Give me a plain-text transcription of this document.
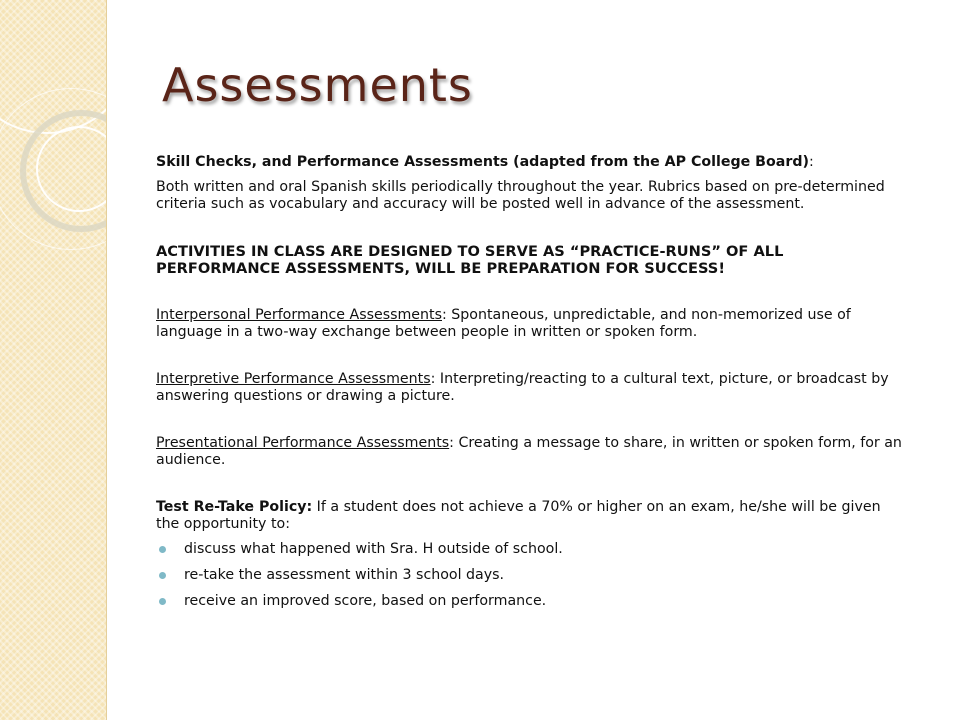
Assessments

Skill Checks, and Performance Assessments (adapted from the AP College Board):

Both written and oral Spanish skills periodically throughout the year. Rubrics based on pre-determined criteria such as vocabulary and accuracy will be posted well in advance of the assessment.

ACTIVITIES IN CLASS ARE DESIGNED TO SERVE AS “PRACTICE-RUNS” OF ALL PERFORMANCE ASSESSMENTS, WILL BE PREPARATION FOR SUCCESS!

Interpersonal Performance Assessments: Spontaneous, unpredictable, and non-memorized use of language in a two-way exchange between people in written or spoken form.

Interpretive Performance Assessments: Interpreting/reacting to a cultural text, picture, or broadcast by answering questions or drawing a picture.

Presentational Performance Assessments: Creating a message to share, in written or spoken form, for an audience.

Test Re-Take Policy: If a student does not achieve a 70% or higher on an exam, he/she will be given the opportunity to:

discuss what happened with Sra. H outside of school.
re-take the assessment within 3 school days.
receive an improved score, based on performance.
